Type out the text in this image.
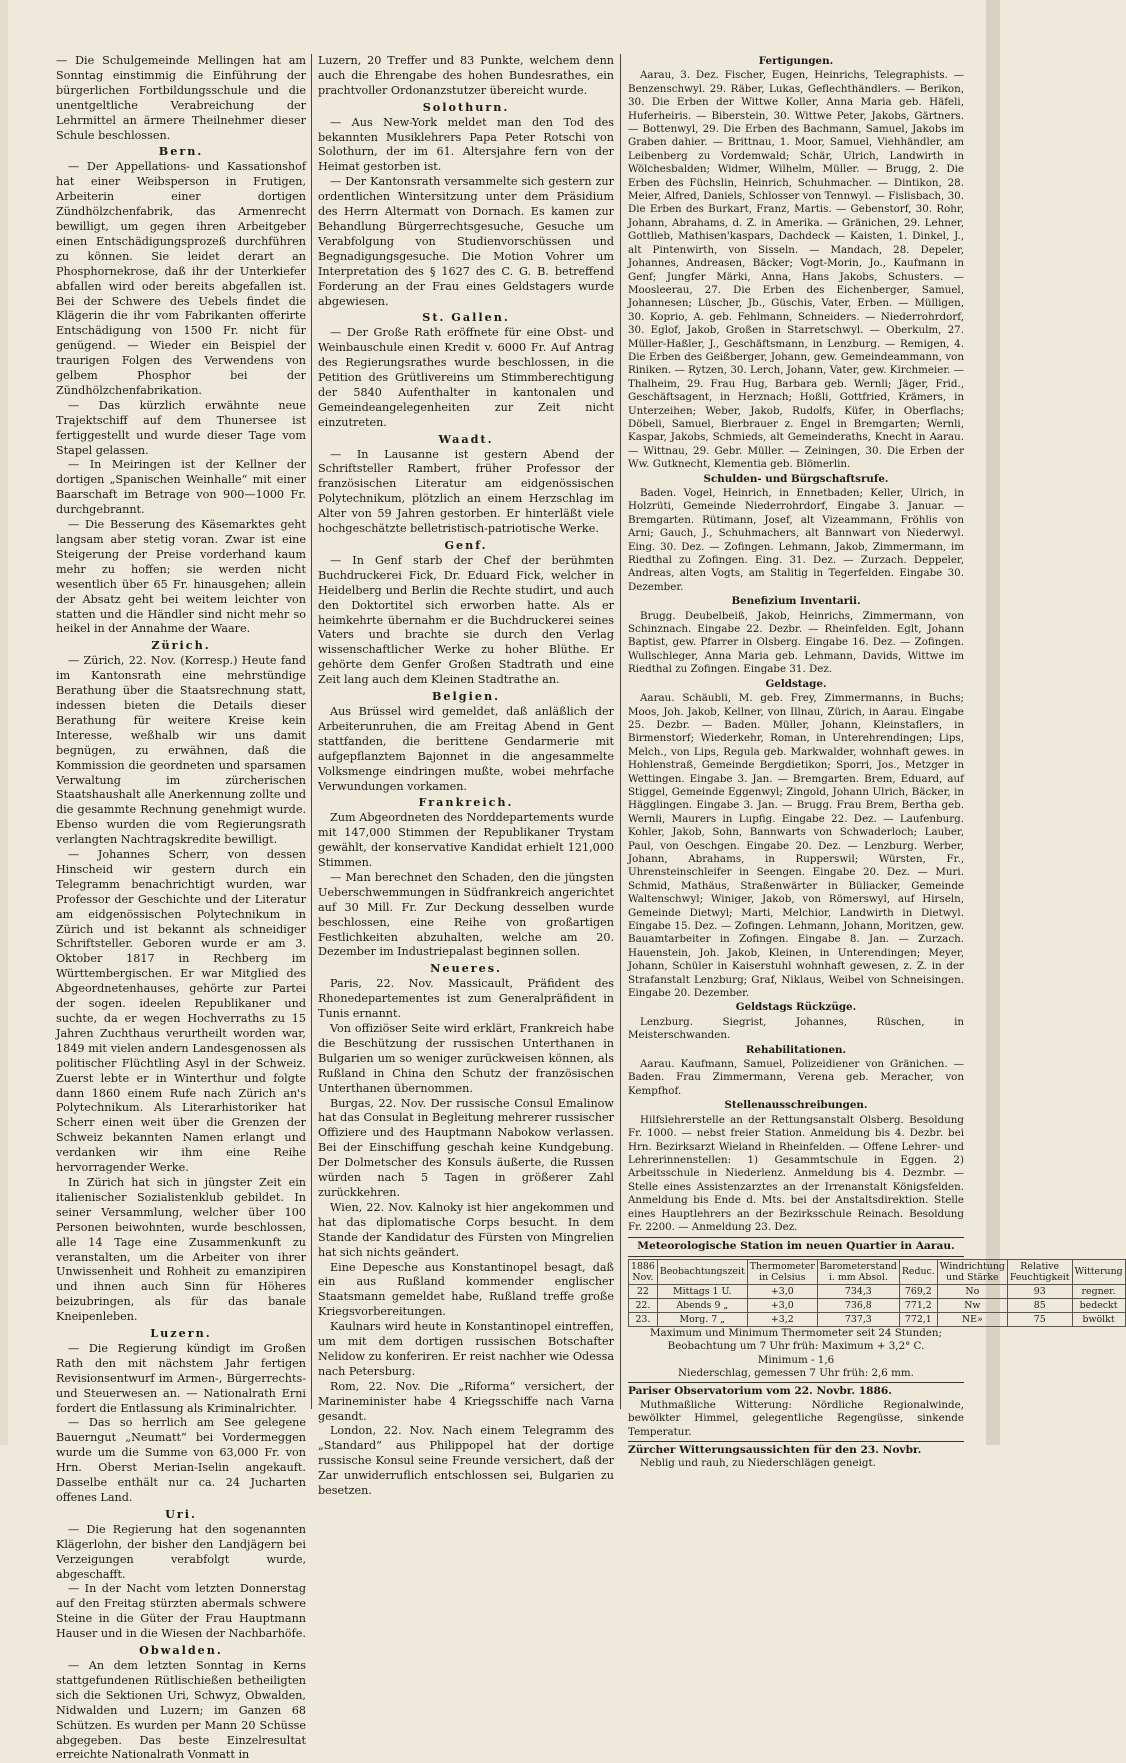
— Die Schulgemeinde Mellingen hat am Sonntag einstimmig die Einführung der bürgerlichen Fortbildungsschule und die unentgeltliche Verabreichung der Lehrmittel an ärmere Theilnehmer dieser Schule beschlossen.

Bern.

— Der Appellations- und Kassationshof hat einer Weibsperson in Frutigen, Arbeiterin einer dortigen Zündhölzchenfabrik, das Armenrecht bewilligt, um gegen ihren Arbeitgeber einen Entschädigungsprozeß durchführen zu können. Sie leidet derart an Phosphornekrose, daß ihr der Unterkiefer abfallen wird oder bereits abgefallen ist. Bei der Schwere des Uebels findet die Klägerin die ihr vom Fabrikanten offerirte Entschädigung von 1500 Fr. nicht für genügend. — Wieder ein Beispiel der traurigen Folgen des Verwendens von gelbem Phosphor bei der Zündhölzchenfabrikation.

— Das kürzlich erwähnte neue Trajektschiff auf dem Thunersee ist fertiggestellt und wurde dieser Tage vom Stapel gelassen.

— In Meiringen ist der Kellner der dortigen „Spanischen Weinhalle“ mit einer Baarschaft im Betrage von 900—1000 Fr. durchgebrannt.

— Die Besserung des Käsemarktes geht langsam aber stetig voran. Zwar ist eine Steigerung der Preise vorderhand kaum mehr zu hoffen; sie werden nicht wesentlich über 65 Fr. hinausgehen; allein der Absatz geht bei weitem leichter von statten und die Händler sind nicht mehr so heikel in der Annahme der Waare.

Zürich.

— Zürich, 22. Nov. (Korresp.) Heute fand im Kantonsrath eine mehrstündige Berathung über die Staatsrechnung statt, indessen bieten die Details dieser Berathung für weitere Kreise kein Interesse, weßhalb wir uns damit begnügen, zu erwähnen, daß die Kommission die geordneten und sparsamen Verwaltung im zürcherischen Staatshaushalt alle Anerkennung zollte und die gesammte Rechnung genehmigt wurde. Ebenso wurden die vom Regierungsrath verlangten Nachtragskredite bewilligt.

— Johannes Scherr, von dessen Hinscheid wir gestern durch ein Telegramm benachrichtigt wurden, war Professor der Geschichte und der Literatur am eidgenössischen Polytechnikum in Zürich und ist bekannt als schneidiger Schriftsteller. Geboren wurde er am 3. Oktober 1817 in Rechberg im Württembergischen. Er war Mitglied des Abgeordnetenhauses, gehörte zur Partei der sogen. ideelen Republikaner und suchte, da er wegen Hochverraths zu 15 Jahren Zuchthaus verurtheilt worden war, 1849 mit vielen andern Landesgenossen als politischer Flüchtling Asyl in der Schweiz. Zuerst lebte er in Winterthur und folgte dann 1860 einem Rufe nach Zürich an's Polytechnikum. Als Literarhistoriker hat Scherr einen weit über die Grenzen der Schweiz bekannten Namen erlangt und verdanken wir ihm eine Reihe hervorragender Werke.

In Zürich hat sich in jüngster Zeit ein italienischer Sozialistenklub gebildet. In seiner Versammlung, welcher über 100 Personen beiwohnten, wurde beschlossen, alle 14 Tage eine Zusammenkunft zu veranstalten, um die Arbeiter von ihrer Unwissenheit und Rohheit zu emanzipiren und ihnen auch Sinn für Höheres beizubringen, als für das banale Kneipenleben.

Luzern.

— Die Regierung kündigt im Großen Rath den mit nächstem Jahr fertigen Revisionsentwurf im Armen-, Bürgerrechts- und Steuerwesen an. — Nationalrath Erni fordert die Entlassung als Kriminalrichter.

— Das so herrlich am See gelegene Bauerngut „Neumatt“ bei Vordermeggen wurde um die Summe von 63,000 Fr. von Hrn. Oberst Merian-Iselin angekauft. Dasselbe enthält nur ca. 24 Jucharten offenes Land.

Uri.

— Die Regierung hat den sogenannten Klägerlohn, der bisher den Landjägern bei Verzeigungen verabfolgt wurde, abgeschafft.

— In der Nacht vom letzten Donnerstag auf den Freitag stürzten abermals schwere Steine in die Güter der Frau Hauptmann Hauser und in die Wiesen der Nachbarhöfe.

Obwalden.

— An dem letzten Sonntag in Kerns stattgefundenen Rütlischießen betheiligten sich die Sektionen Uri, Schwyz, Obwalden, Nidwalden und Luzern; im Ganzen 68 Schützen. Es wurden per Mann 20 Schüsse abgegeben. Das beste Einzelresultat erreichte Nationalrath Vonmatt in

Luzern, 20 Treffer und 83 Punkte, welchem denn auch die Ehrengabe des hohen Bundesrathes, ein prachtvoller Ordonanzstutzer übereicht wurde.

Solothurn.

— Aus New-York meldet man den Tod des bekannten Musiklehrers Papa Peter Rotschi von Solothurn, der im 61. Altersjahre fern von der Heimat gestorben ist.

— Der Kantonsrath versammelte sich gestern zur ordentlichen Wintersitzung unter dem Präsidium des Herrn Altermatt von Dornach. Es kamen zur Behandlung Bürgerrechtsgesuche, Gesuche um Verabfolgung von Studienvorschüssen und Begnadigungsgesuche. Die Motion Vohrer um Interpretation des § 1627 des C. G. B. betreffend Forderung an der Frau eines Geldstagers wurde abgewiesen.

St. Gallen.

— Der Große Rath eröffnete für eine Obst- und Weinbauschule einen Kredit v. 6000 Fr. Auf Antrag des Regierungsrathes wurde beschlossen, in die Petition des Grütlivereins um Stimmberechtigung der 5840 Aufenthalter in kantonalen und Gemeindeangelegenheiten zur Zeit nicht einzutreten.

Waadt.

— In Lausanne ist gestern Abend der Schriftsteller Rambert, früher Professor der französischen Literatur am eidgenössischen Polytechnikum, plötzlich an einem Herzschlag im Alter von 59 Jahren gestorben. Er hinterläßt viele hochgeschätzte belletristisch-patriotische Werke.

Genf.

— In Genf starb der Chef der berühmten Buchdruckerei Fick, Dr. Eduard Fick, welcher in Heidelberg und Berlin die Rechte studirt, und auch den Doktortitel sich erworben hatte. Als er heimkehrte übernahm er die Buchdruckerei seines Vaters und brachte sie durch den Verlag wissenschaftlicher Werke zu hoher Blüthe. Er gehörte dem Genfer Großen Stadtrath und eine Zeit lang auch dem Kleinen Stadtrathe an.

Belgien.

Aus Brüssel wird gemeldet, daß anläßlich der Arbeiterunruhen, die am Freitag Abend in Gent stattfanden, die berittene Gendarmerie mit aufgepflanztem Bajonnet in die angesammelte Volksmenge eindringen mußte, wobei mehrfache Verwundungen vorkamen.

Frankreich.

Zum Abgeordneten des Norddepartements wurde mit 147,000 Stimmen der Republikaner Trystam gewählt, der konservative Kandidat erhielt 121,000 Stimmen.

— Man berechnet den Schaden, den die jüngsten Ueberschwemmungen in Südfrankreich angerichtet auf 30 Mill. Fr. Zur Deckung desselben wurde beschlossen, eine Reihe von großartigen Festlichkeiten abzuhalten, welche am 20. Dezember im Industriepalast beginnen sollen.

Neueres.

Paris, 22. Nov. Massicault, Präfident des Rhonedepartementes ist zum Generalpräfident in Tunis ernannt.

Von offiziöser Seite wird erklärt, Frankreich habe die Beschützung der russischen Unterthanen in Bulgarien um so weniger zurückweisen können, als Rußland in China den Schutz der französischen Unterthanen übernommen.

Burgas, 22. Nov. Der russische Consul Emalinow hat das Consulat in Begleitung mehrerer russischer Offiziere und des Hauptmann Nabokow verlassen. Bei der Einschiffung geschah keine Kundgebung. Der Dolmetscher des Konsuls äußerte, die Russen würden nach 5 Tagen in größerer Zahl zurückkehren.

Wien, 22. Nov. Kalnoky ist hier angekommen und hat das diplomatische Corps besucht. In dem Stande der Kandidatur des Fürsten von Mingrelien hat sich nichts geändert.

Eine Depesche aus Konstantinopel besagt, daß ein aus Rußland kommender englischer Staatsmann gemeldet habe, Rußland treffe große Kriegsvorbereitungen.

Kaulnars wird heute in Konstantinopel eintreffen, um mit dem dortigen russischen Botschafter Nelidow zu konferiren. Er reist nachher wie Odessa nach Petersburg.

Rom, 22. Nov. Die „Riforma“ versichert, der Marineminister habe 4 Kriegsschiffe nach Varna gesandt.

London, 22. Nov. Nach einem Telegramm des „Standard“ aus Philippopel hat der dortige russische Konsul seine Freunde versichert, daß der Zar unwiderruflich entschlossen sei, Bulgarien zu besetzen.

Fertigungen.

Aarau, 3. Dez. Fischer, Eugen, Heinrichs, Telegraphists. — Benzenschwyl. 29. Räber, Lukas, Geflechthändlers. — Berikon, 30. Die Erben der Wittwe Koller, Anna Maria geb. Häfeli, Huferheiris. — Biberstein, 30. Wittwe Peter, Jakobs, Gärtners. — Bottenwyl, 29. Die Erben des Bachmann, Samuel, Jakobs im Graben dahier. — Brittnau, 1. Moor, Samuel, Viehhändler, am Leibenberg zu Vordemwald; Schär, Ulrich, Landwirth in Wölchesbalden; Widmer, Wilhelm, Müller. — Brugg, 2. Die Erben des Füchslin, Heinrich, Schuhmacher. — Dintikon, 28. Meier, Alfred, Daniels, Schlosser von Tennwyl. — Fislisbach, 30. Die Erben des Burkart, Franz, Martis. — Gebenstorf, 30. Rohr, Johann, Abrahams, d. Z. in Amerika. — Gränichen, 29. Lehner, Gottlieb, Mathisen'kaspars, Dachdeck — Kaisten, 1. Dinkel, J., alt Pintenwirth, von Sisseln. — Mandach, 28. Depeler, Johannes, Andreasen, Bäcker; Vogt-Morin, Jo., Kaufmann in Genf; Jungfer Märki, Anna, Hans Jakobs, Schusters. — Moosleerau, 27. Die Erben des Eichenberger, Samuel, Johannesen; Lüscher, Jb., Güschis, Vater, Erben. — Mülligen, 30. Koprio, A. geb. Fehlmann, Schneiders. — Niederrohrdorf, 30. Eglof, Jakob, Großen in Starretschwyl. — Oberkulm, 27. Müller-Haßler, J., Geschäftsmann, in Lenzburg. — Remigen, 4. Die Erben des Geißberger, Johann, gew. Gemeindeammann, von Riniken. — Rytzen, 30. Lerch, Johann, Vater, gew. Kirchmeier. — Thalheim, 29. Frau Hug, Barbara geb. Wernli; Jäger, Frid., Geschäftsagent, in Herznach; Hoßli, Gottfried, Krämers, in Unterzeihen; Weber, Jakob, Rudolfs, Küfer, in Oberflachs; Döbeli, Samuel, Bierbrauer z. Engel in Bremgarten; Wernli, Kaspar, Jakobs, Schmieds, alt Gemeinderaths, Knecht in Aarau. — Wittnau, 29. Gebr. Müller. — Zeiningen, 30. Die Erben der Ww. Gutknecht, Klementia geb. Blömerlin.

Schulden- und Bürgschaftsrufe.

Baden. Vogel, Heinrich, in Ennetbaden; Keller, Ulrich, in Holzrüti, Gemeinde Niederrohrdorf, Eingabe 3. Januar. — Bremgarten. Rütimann, Josef, alt Vizeammann, Fröhlis von Arni; Gauch, J., Schuhmachers, alt Bannwart von Niederwyl. Eing. 30. Dez. — Zofingen. Lehmann, Jakob, Zimmermann, im Riedthal zu Zofingen. Eing. 31. Dez. — Zurzach. Deppeler, Andreas, alten Vogts, am Stalitig in Tegerfelden. Eingabe 30. Dezember.

Benefizium Inventarii.

Brugg. Deubelbeiß, Jakob, Heinrichs, Zimmermann, von Schinznach. Eingabe 22. Dezbr. — Rheinfelden. Eglt, Johann Baptist, gew. Pfarrer in Olsberg. Eingabe 16. Dez. — Zofingen. Wullschleger, Anna Maria geb. Lehmann, Davids, Wittwe im Riedthal zu Zofingen. Eingabe 31. Dez.

Geldstage.

Aarau. Schäubli, M. geb. Frey, Zimmermanns, in Buchs; Moos, Joh. Jakob, Kellner, von Illnau, Zürich, in Aarau. Eingabe 25. Dezbr. — Baden. Müller, Johann, Kleinstaflers, in Birmenstorf; Wiederkehr, Roman, in Unterehrendingen; Lips, Melch., von Lips, Regula geb. Markwalder, wohnhaft gewes. in Hohlenstraß, Gemeinde Bergdietikon; Sporri, Jos., Metzger in Wettingen. Eingabe 3. Jan. — Bremgarten. Brem, Eduard, auf Stiggel, Gemeinde Eggenwyl; Zingold, Johann Ulrich, Bäcker, in Hägglingen. Eingabe 3. Jan. — Brugg. Frau Brem, Bertha geb. Wernli, Maurers in Lupfig. Eingabe 22. Dez. — Laufenburg. Kohler, Jakob, Sohn, Bannwarts von Schwaderloch; Lauber, Paul, von Oeschgen. Eingabe 20. Dez. — Lenzburg. Werber, Johann, Abrahams, in Rupperswil; Würsten, Fr., Uhrensteinschleifer in Seengen. Eingabe 20. Dez. — Muri. Schmid, Mathäus, Straßenwärter in Büliacker, Gemeinde Waltenschwyl; Winiger, Jakob, von Römerswyl, auf Hirseln, Gemeinde Dietwyl; Marti, Melchior, Landwirth in Dietwyl. Eingabe 15. Dez. — Zofingen. Lehmann, Johann, Moritzen, gew. Bauamtarbeiter in Zofingen. Eingabe 8. Jan. — Zurzach. Hauenstein, Joh. Jakob, Kleinen, in Unterendingen; Meyer, Johann, Schüler in Kaiserstuhl wohnhaft gewesen, z. Z. in der Strafanstalt Lenzburg; Graf, Niklaus, Weibel von Schneisingen. Eingabe 20. Dezember.

Geldstags Rückzüge.

Lenzburg. Siegrist, Johannes, Rüschen, in Meisterschwanden.

Rehabilitationen.

Aarau. Kaufmann, Samuel, Polizeidiener von Gränichen. — Baden. Frau Zimmermann, Verena geb. Meracher, von Kempfhof.

Stellenausschreibungen.

Hilfslehrerstelle an der Rettungsanstalt Olsberg. Besoldung Fr. 1000. — nebst freier Station. Anmeldung bis 4. Dezbr. bei Hrn. Bezirksarzt Wieland in Rheinfelden. — Offene Lehrer- und Lehrerinnenstellen: 1) Gesammtschule in Eggen. 2) Arbeitsschule in Niederlenz. Anmeldung bis 4. Dezmbr. — Stelle eines Assistenzarztes an der Irrenanstalt Königsfelden. Anmeldung bis Ende d. Mts. bei der Anstaltsdirektion. Stelle eines Hauptlehrers an der Bezirksschule Reinach. Besoldung Fr. 2200. — Anmeldung 23. Dez.

Meteorologische Station im neuen Quartier in Aarau.
1886 Nov.	Beobachtungszeit	Thermometer in Celsius	Barometerstand i. mm Absol.	Reduc.	Windrichtung und Stärke	Relative Feuchtigkeit	Witterung
22	Mittags 1 U.	+3,0	734,3	769,2	No	93	regner.
22.	Abends 9 „	+3,0	736,8	771,2	Nw	85	bedeckt
23.	Morg. 7 „	+3,2	737,3	772,1	NE»	75	bwölkt

Maximum und Minimum Thermometer seit 24 Stunden;

Beobachtung um 7 Uhr früh: Maximum + 3,2° C.

Minimum - 1,6

Niederschlag, gemessen 7 Uhr früh: 2,6 mm.

Pariser Observatorium vom 22. Novbr. 1886.

Muthmaßliche Witterung: Nördliche Regionalwinde, bewölkter Himmel, gelegentliche Regengüsse, sinkende Temperatur.

Zürcher Witterungsaussichten für den 23. Novbr.

Neblig und rauh, zu Niederschlägen geneigt.
